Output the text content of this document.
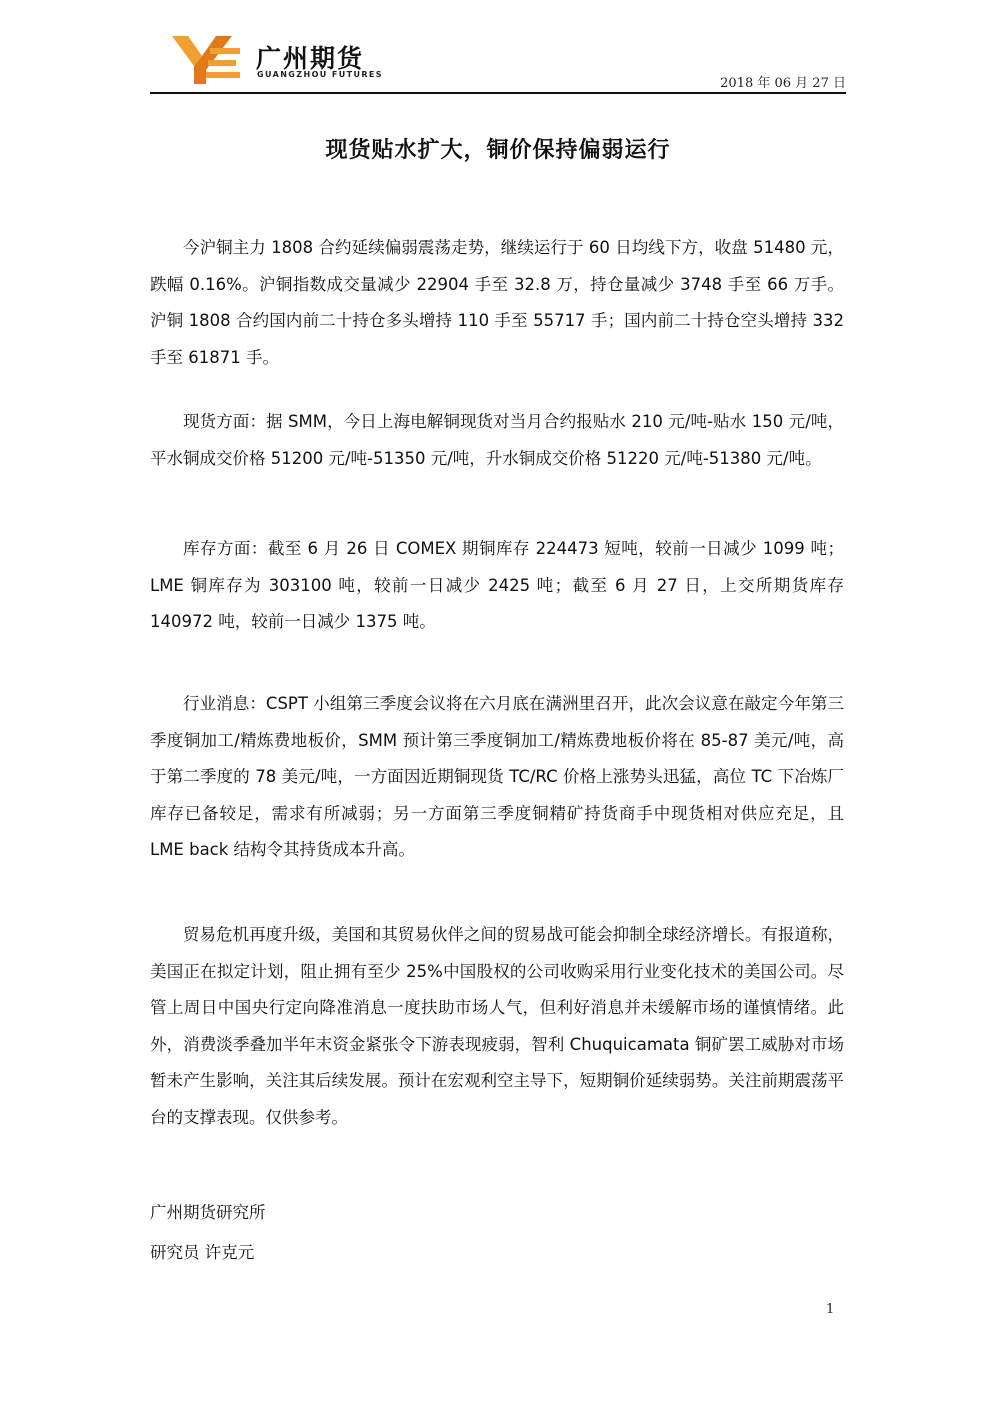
广州期货
GUANGZHOU FUTURES
2018 年 06 月 27 日
现货贴水扩大，铜价保持偏弱运行

今沪铜主力 1808 合约延续偏弱震荡走势，继续运行于 60 日均线下方，收盘 51480 元，跌幅 0.16%。沪铜指数成交量减少 22904 手至 32.8 万，持仓量减少 3748 手至 66 万手。沪铜 1808 合约国内前二十持仓多头增持 110 手至 55717 手；国内前二十持仓空头增持 332 手至 61871 手。

现货方面：据 SMM，今日上海电解铜现货对当月合约报贴水 210 元/吨-贴水 150 元/吨，平水铜成交价格 51200 元/吨-51350 元/吨，升水铜成交价格 51220 元/吨-51380 元/吨。

库存方面：截至 6 月 26 日 COMEX 期铜库存 224473 短吨，较前一日减少 1099 吨；LME 铜库存为 303100 吨，较前一日减少 2425 吨；截至 6 月 27 日，上交所期货库存 140972 吨，较前一日减少 1375 吨。

行业消息：CSPT 小组第三季度会议将在六月底在满洲里召开，此次会议意在敲定今年第三季度铜加工/精炼费地板价，SMM 预计第三季度铜加工/精炼费地板价将在 85-87 美元/吨，高于第二季度的 78 美元/吨，一方面因近期铜现货 TC/RC 价格上涨势头迅猛，高位 TC 下冶炼厂库存已备较足，需求有所减弱；另一方面第三季度铜精矿持货商手中现货相对供应充足，且 LME back 结构令其持货成本升高。

贸易危机再度升级，美国和其贸易伙伴之间的贸易战可能会抑制全球经济增长。有报道称，美国正在拟定计划，阻止拥有至少 25%中国股权的公司收购采用行业变化技术的美国公司。尽管上周日中国央行定向降准消息一度扶助市场人气，但利好消息并未缓解市场的谨慎情绪。此外，消费淡季叠加半年末资金紧张令下游表现疲弱，智利 Chuquicamata 铜矿罢工威胁对市场暂未产生影响，关注其后续发展。预计在宏观利空主导下，短期铜价延续弱势。关注前期震荡平台的支撑表现。仅供参考。

广州期货研究所
研究员 许克元
1
